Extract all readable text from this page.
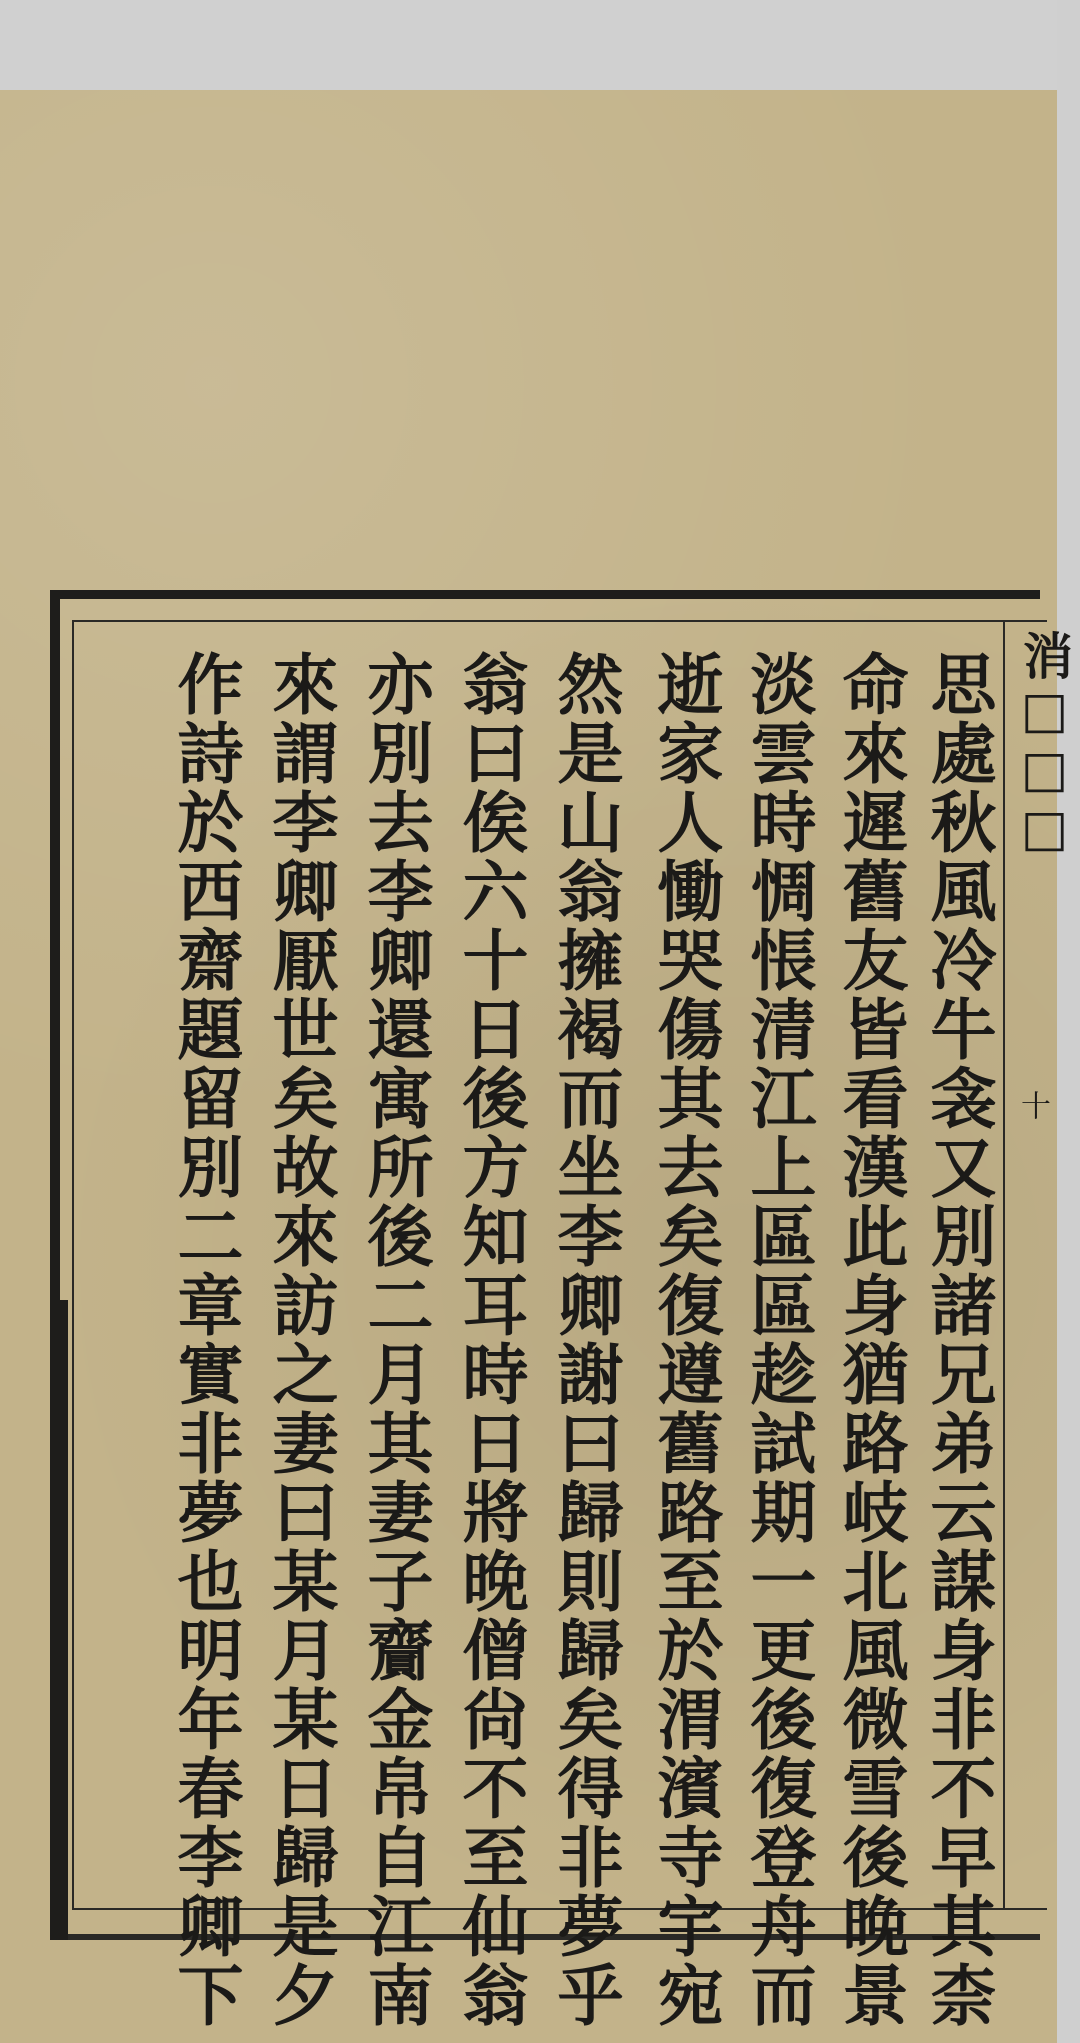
消□□□
十
思處秋風冷牛衾又別諸兄弟云謀身非不早其柰
命來遲舊友皆看漢此身猶路岐北風微雪後晚景
淡雲時惆悵清江上區區趁試期一更後復登舟而
逝家人慟哭傷其去矣復遵舊路至於渭濱寺宇宛
然是山翁擁褐而坐李卿謝曰歸則歸矣得非夢乎
翁曰俟六十日後方知耳時日將晚僧尙不至仙翁
亦別去李卿還寓所後二月其妻子齎金帛自江南
來謂李卿厭世矣故來訪之妻曰某月某日歸是夕
作詩於西齋題留別二章實非夢也明年春李卿下
